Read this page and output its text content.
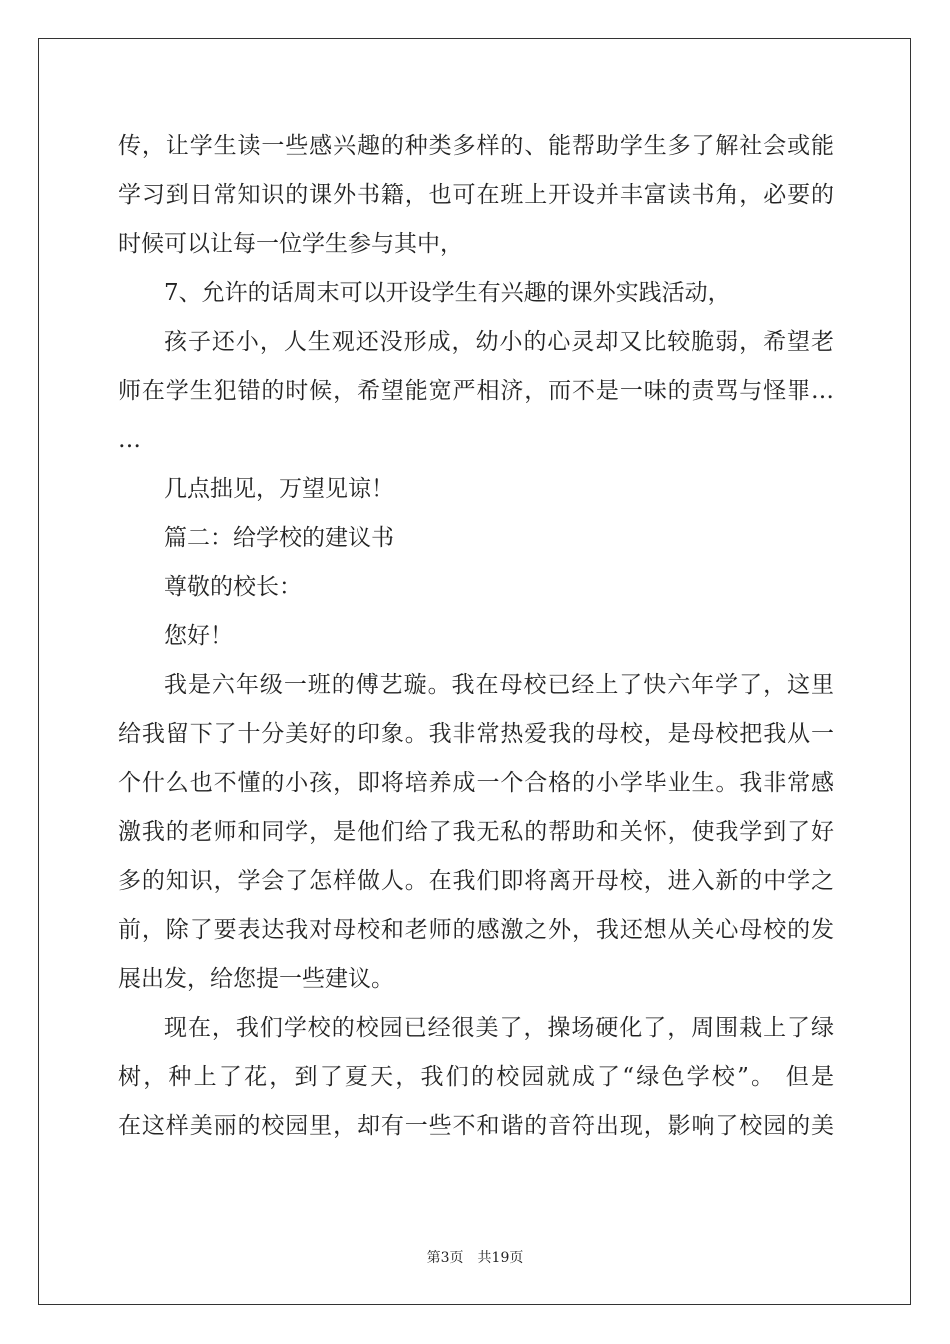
传，让学生读一些感兴趣的种类多样的、能帮助学生多了解社会或能
学习到日常知识的课外书籍，也可在班上开设并丰富读书角，必要的
时候可以让每一位学生参与其中，
7、允许的话周末可以开设学生有兴趣的课外实践活动，
孩子还小，人生观还没形成，幼小的心灵却又比较脆弱，希望老
师在学生犯错的时候，希望能宽严相济，而不是一味的责骂与怪罪…
…
几点拙见，万望见谅！
篇二：给学校的建议书
尊敬的校长：
您好！
我是六年级一班的傅艺璇。我在母校已经上了快六年学了，这里
给我留下了十分美好的印象。我非常热爱我的母校，是母校把我从一
个什么也不懂的小孩，即将培养成一个合格的小学毕业生。我非常感
激我的老师和同学，是他们给了我无私的帮助和关怀，使我学到了好
多的知识，学会了怎样做人。在我们即将离开母校，进入新的中学之
前，除了要表达我对母校和老师的感激之外，我还想从关心母校的发
展出发，给您提一些建议。
现在，我们学校的校园已经很美了，操场硬化了，周围栽上了绿
树，种上了花，到了夏天，我们的校园就成了“绿色学校”。 但是
在这样美丽的校园里，却有一些不和谐的音符出现，影响了校园的美
第3页 共19页
